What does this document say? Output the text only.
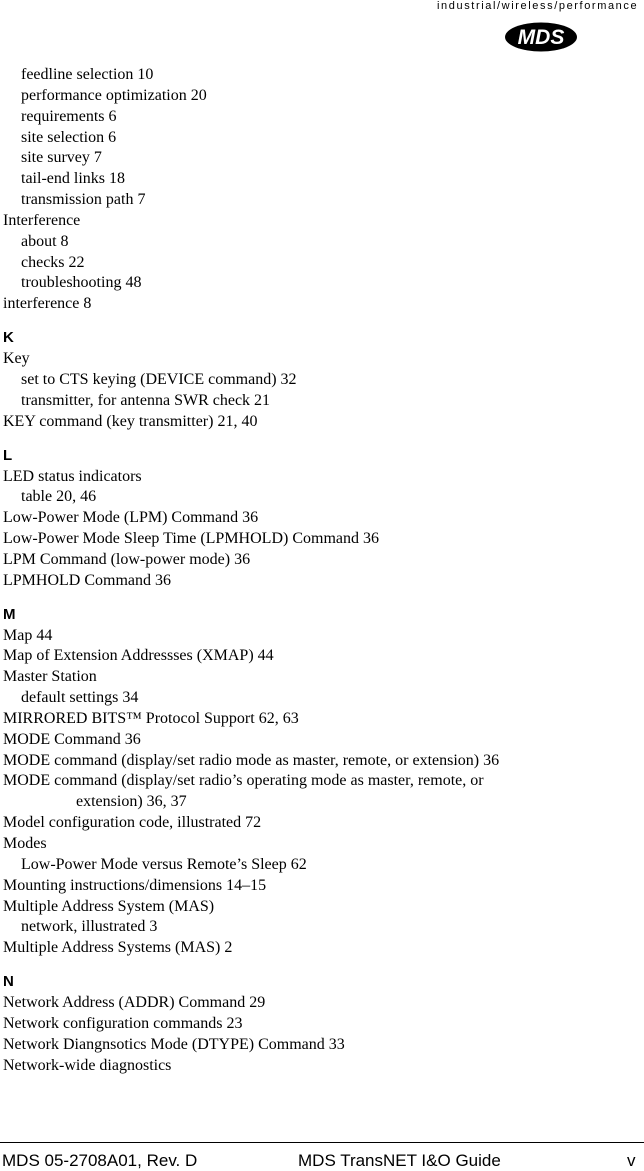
industrial/wireless/performance
MDS
feedline selection 10
performance optimization 20
requirements 6
site selection 6
site survey 7
tail-end links 18
transmission path 7
Interference
about 8
checks 22
troubleshooting 48
interference 8
K
Key
set to CTS keying (DEVICE command) 32
transmitter, for antenna SWR check 21
KEY command (key transmitter) 21, 40
L
LED status indicators
table 20, 46
Low-Power Mode (LPM) Command 36
Low-Power Mode Sleep Time (LPMHOLD) Command 36
LPM Command (low-power mode) 36
LPMHOLD Command 36
M
Map 44
Map of Extension Addressses (XMAP) 44
Master Station
default settings 34
MIRRORED BITS™ Protocol Support 62, 63
MODE Command 36
MODE command (display/set radio mode as master, remote, or extension) 36
MODE command (display/set radio’s operating mode as master, remote, or
extension) 36, 37
Model configuration code, illustrated 72
Modes
Low-Power Mode versus Remote’s Sleep 62
Mounting instructions/dimensions 14–15
Multiple Address System (MAS)
network, illustrated 3
Multiple Address Systems (MAS) 2
N
Network Address (ADDR) Command 29
Network configuration commands 23
Network Diangnsotics Mode (DTYPE) Command 33
Network-wide diagnostics
MDS 05-2708A01, Rev. D	MDS TransNET I&O Guide	v
